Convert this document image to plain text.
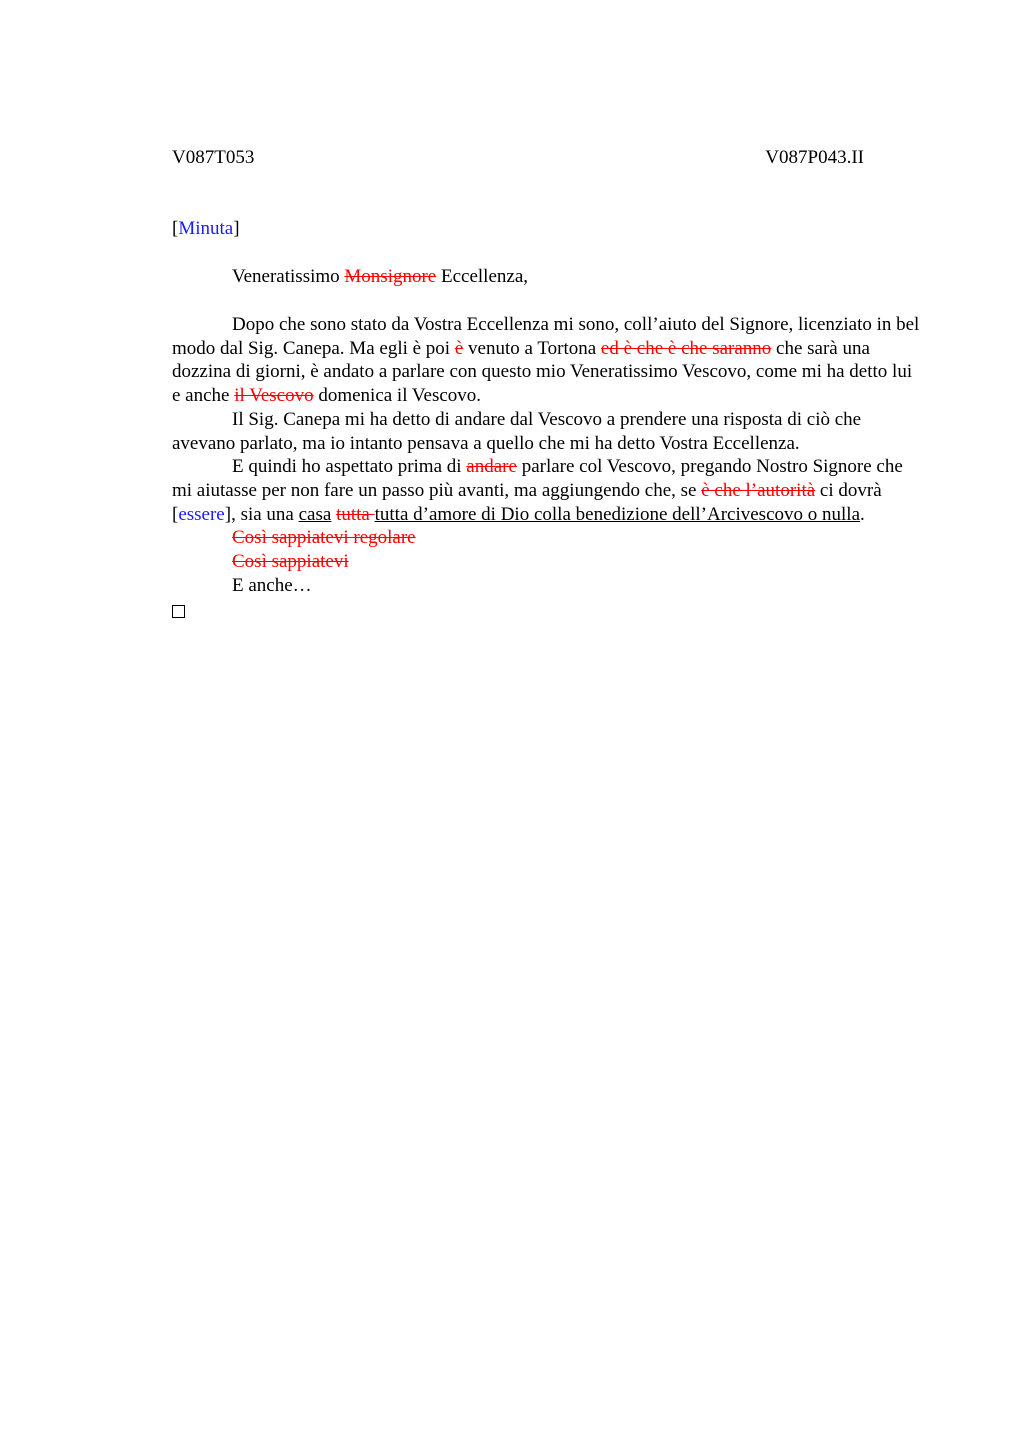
V087T053	V087P043.II
[Minuta]
Veneratissimo Monsignore Eccellenza,

Dopo che sono stato da Vostra Eccellenza mi sono, coll’aiuto del Signore, licenziato in bel modo dal Sig. Canepa. Ma egli è poi è venuto a Tortona ed è che è che saranno che sarà una dozzina di giorni, è andato a parlare con questo mio Veneratissimo Vescovo, come mi ha detto lui e anche il Vescovo domenica il Vescovo.

Il Sig. Canepa mi ha detto di andare dal Vescovo a prendere una risposta di ciò che avevano parlato, ma io intanto pensava a quello che mi ha detto Vostra Eccellenza.

E quindi ho aspettato prima di andare parlare col Vescovo, pregando Nostro Signore che mi aiutasse per non fare un passo più avanti, ma aggiungendo che, se è che l’autorità ci dovrà [essere], sia una casa tutta tutta d’amore di Dio colla benedizione dell’Arcivescovo o nulla.

Così sappiatevi regolare

Così sappiatevi

E anche…
